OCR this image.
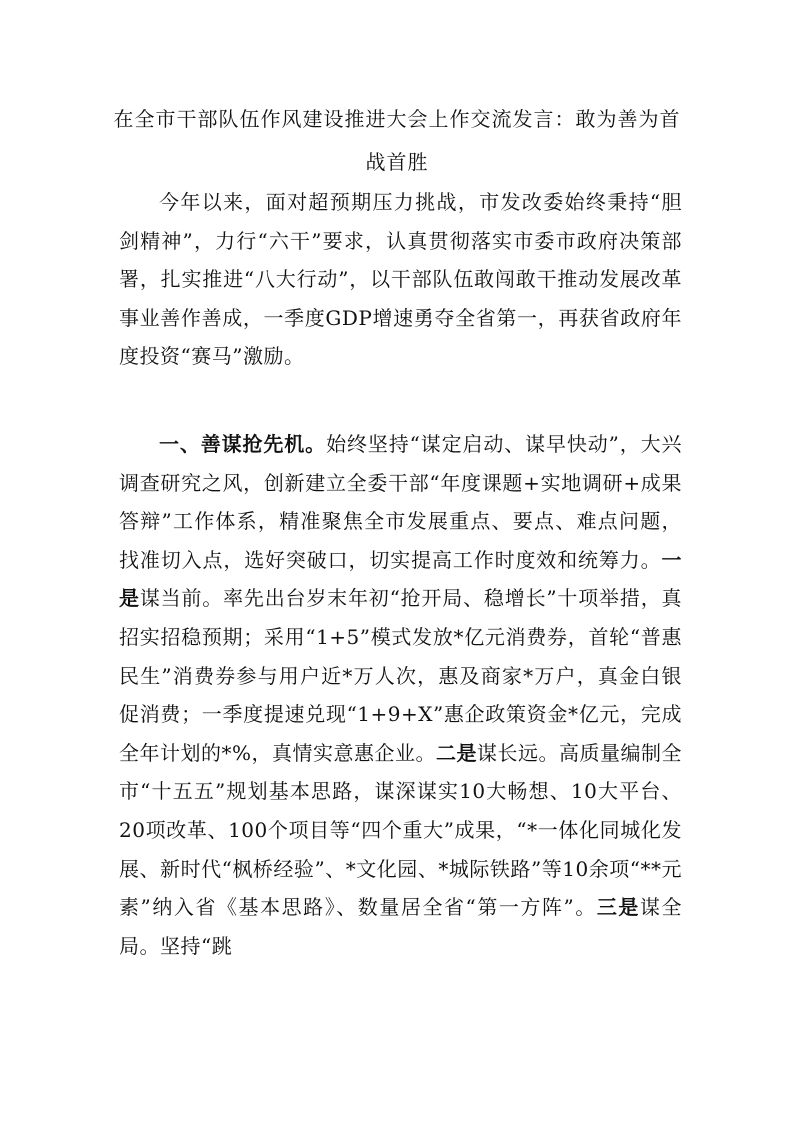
在全市干部队伍作风建设推进大会上作交流发言：敢为善为首战首胜

今年以来，面对超预期压力挑战，市发改委始终秉持“胆剑精神”，力行“六干”要求，认真贯彻落实市委市政府决策部署，扎实推进“八大行动”，以干部队伍敢闯敢干推动发展改革事业善作善成，一季度GDP增速勇夺全省第一，再获省政府年度投资“赛马”激励。

一、善谋抢先机。始终坚持“谋定启动、谋早快动”，大兴调查研究之风，创新建立全委干部“年度课题+实地调研+成果答辩”工作体系，精准聚焦全市发展重点、要点、难点问题，找准切入点，选好突破口，切实提高工作时度效和统筹力。一是谋当前。率先出台岁末年初“抢开局、稳增长”十项举措，真招实招稳预期；采用“1+5”模式发放*亿元消费券，首轮“普惠民生”消费券参与用户近*万人次，惠及商家*万户，真金白银促消费；一季度提速兑现“1+9+X”惠企政策资金*亿元，完成全年计划的*%，真情实意惠企业。二是谋长远。高质量编制全市“十五五”规划基本思路，谋深谋实10大畅想、10大平台、20项改革、100个项目等“四个重大”成果，“*一体化同城化发展、新时代“枫桥经验”、*文化园、*城际铁路”等10余项“**元素”纳入省《基本思路》、数量居全省“第一方阵”。三是谋全局。坚持“跳
